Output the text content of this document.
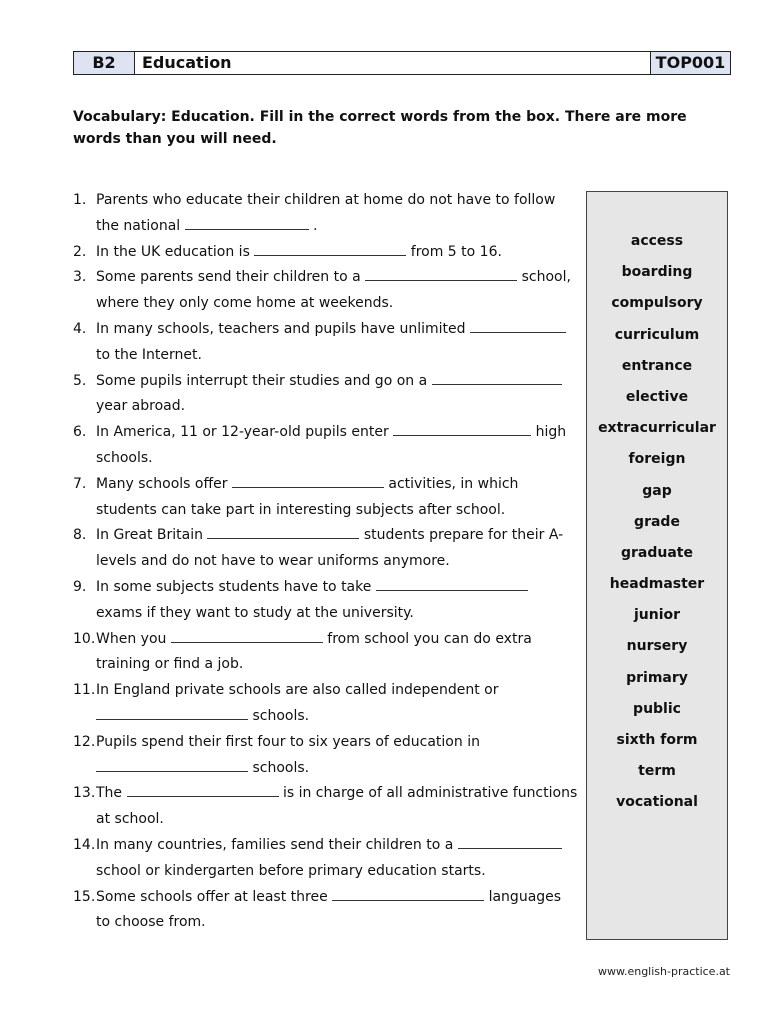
B2	Education	TOP001

Vocabulary: Education. Fill in the correct words from the box. There are more words than you will need.

1. Parents who educate their children at home do not have to follow the national	.
2. In the UK education is	from 5 to 16.
3. Some parents send their children to a	school, where they only come home at weekends.
4. In many schools, teachers and pupils have unlimited  to the Internet.
5. Some pupils interrupt their studies and go on a  year abroad.
6. In America, 11 or 12-year-old pupils enter	high schools.
7. Many schools offer	activities, in which students can take part in interesting subjects after school.
8. In Great Britain	students prepare for their A-levels and do not have to wear uniforms anymore.
9. In some subjects students have to take  exams if they want to study at the university.
10. When you	from school you can do extra training or find a job.
11. In England private schools are also called independent or  schools.
12. Pupils spend their first four to six years of education in  schools.
13. The	is in charge of all administrative functions at school.
14. In many countries, families send their children to a  school or kindergarten before primary education starts.
15. Some schools offer at least three	languages to choose from.
access
boarding
compulsory
curriculum
entrance
elective
extracurricular
foreign
gap
grade
graduate
headmaster
junior
nursery
primary
public
sixth form
term
vocational
www.english-practice.at
